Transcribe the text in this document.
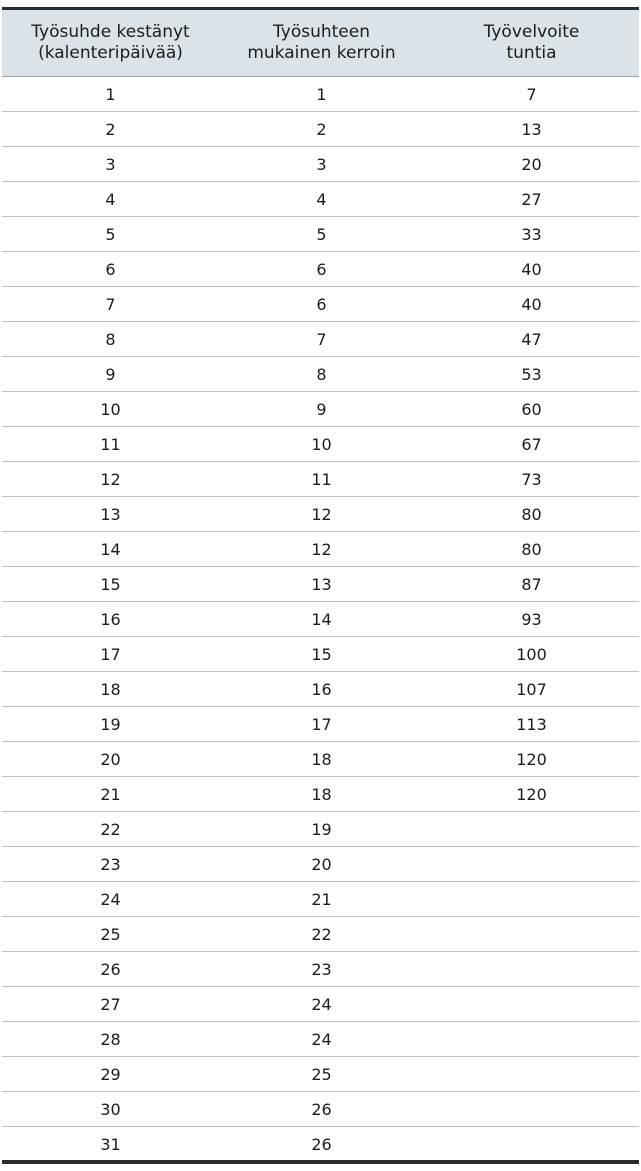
Työsuhde kestänyt
(kalenteripäivää)
Työsuhteen
mukainen kerroin
Työvelvoite
tuntia
1	1	7
2	2	13
3	3	20
4	4	27
5	5	33
6	6	40
7	6	40
8	7	47
9	8	53
10	9	60
11	10	67
12	11	73
13	12	80
14	12	80
15	13	87
16	14	93
17	15	100
18	16	107
19	17	113
20	18	120
21	18	120
22	19
23	20
24	21
25	22
26	23
27	24
28	24
29	25
30	26
31	26
